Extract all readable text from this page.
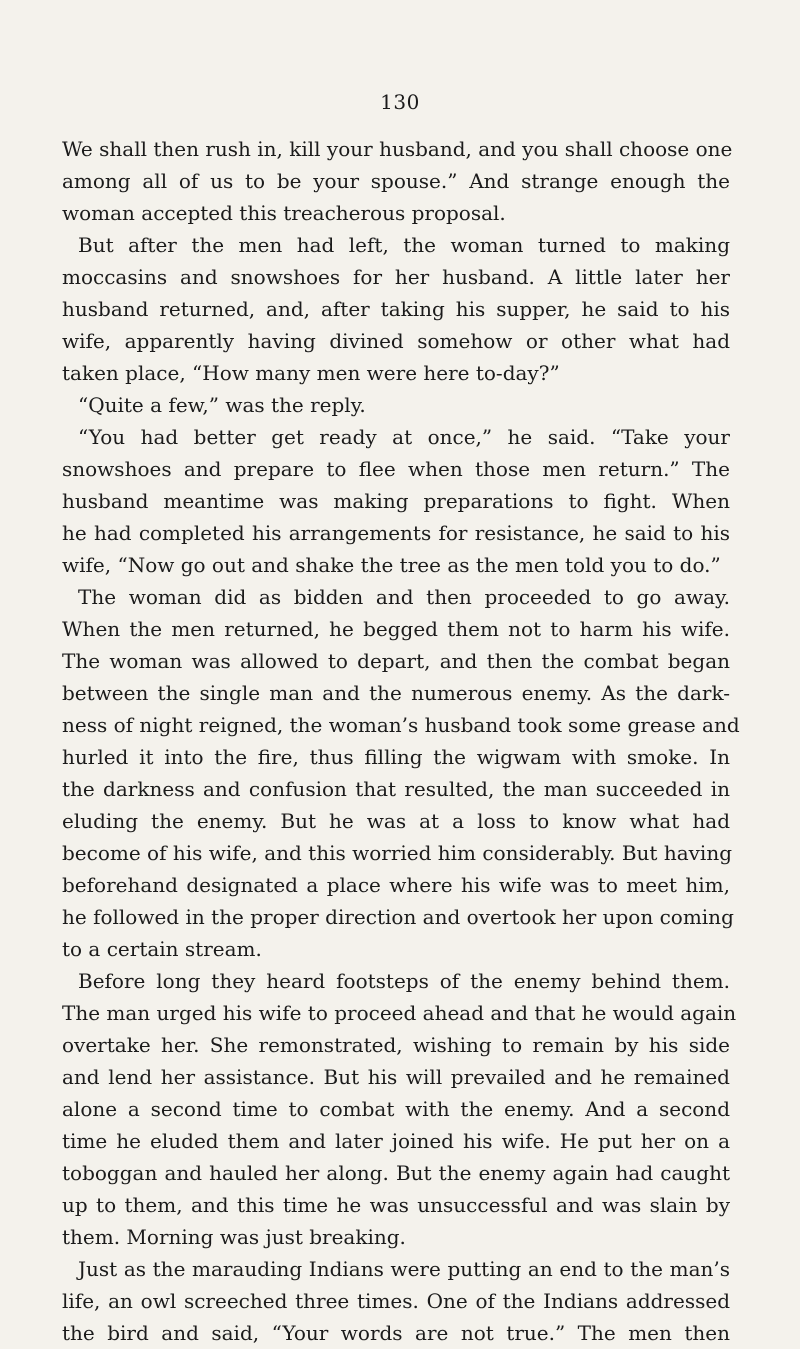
130
We shall then rush in, kill your husband, and you shall choose one
among all of us to be your spouse.” And strange enough the
woman accepted this treacherous proposal.
But after the men had left, the woman turned to making
moccasins and snowshoes for her husband. A little later her
husband returned, and, after taking his supper, he said to his
wife, apparently having divined somehow or other what had
taken place, “How many men were here to-day?”
“Quite a few,” was the reply.
“You had better get ready at once,” he said. “Take your
snowshoes and prepare to flee when those men return.” The
husband meantime was making preparations to fight. When
he had completed his arrangements for resistance, he said to his
wife, “Now go out and shake the tree as the men told you to do.”
The woman did as bidden and then proceeded to go away.
When the men returned, he begged them not to harm his wife.
The woman was allowed to depart, and then the combat began
between the single man and the numerous enemy. As the dark-
ness of night reigned, the woman’s husband took some grease and
hurled it into the fire, thus filling the wigwam with smoke. In
the darkness and confusion that resulted, the man succeeded in
eluding the enemy. But he was at a loss to know what had
become of his wife, and this worried him considerably. But having
beforehand designated a place where his wife was to meet him,
he followed in the proper direction and overtook her upon coming
to a certain stream.
Before long they heard footsteps of the enemy behind them.
The man urged his wife to proceed ahead and that he would again
overtake her. She remonstrated, wishing to remain by his side
and lend her assistance. But his will prevailed and he remained
alone a second time to combat with the enemy. And a second
time he eluded them and later joined his wife. He put her on a
toboggan and hauled her along. But the enemy again had caught
up to them, and this time he was unsuccessful and was slain by
them. Morning was just breaking.
Just as the marauding Indians were putting an end to the man’s
life, an owl screeched three times. One of the Indians addressed
the bird and said, “Your words are not true.” The men then
